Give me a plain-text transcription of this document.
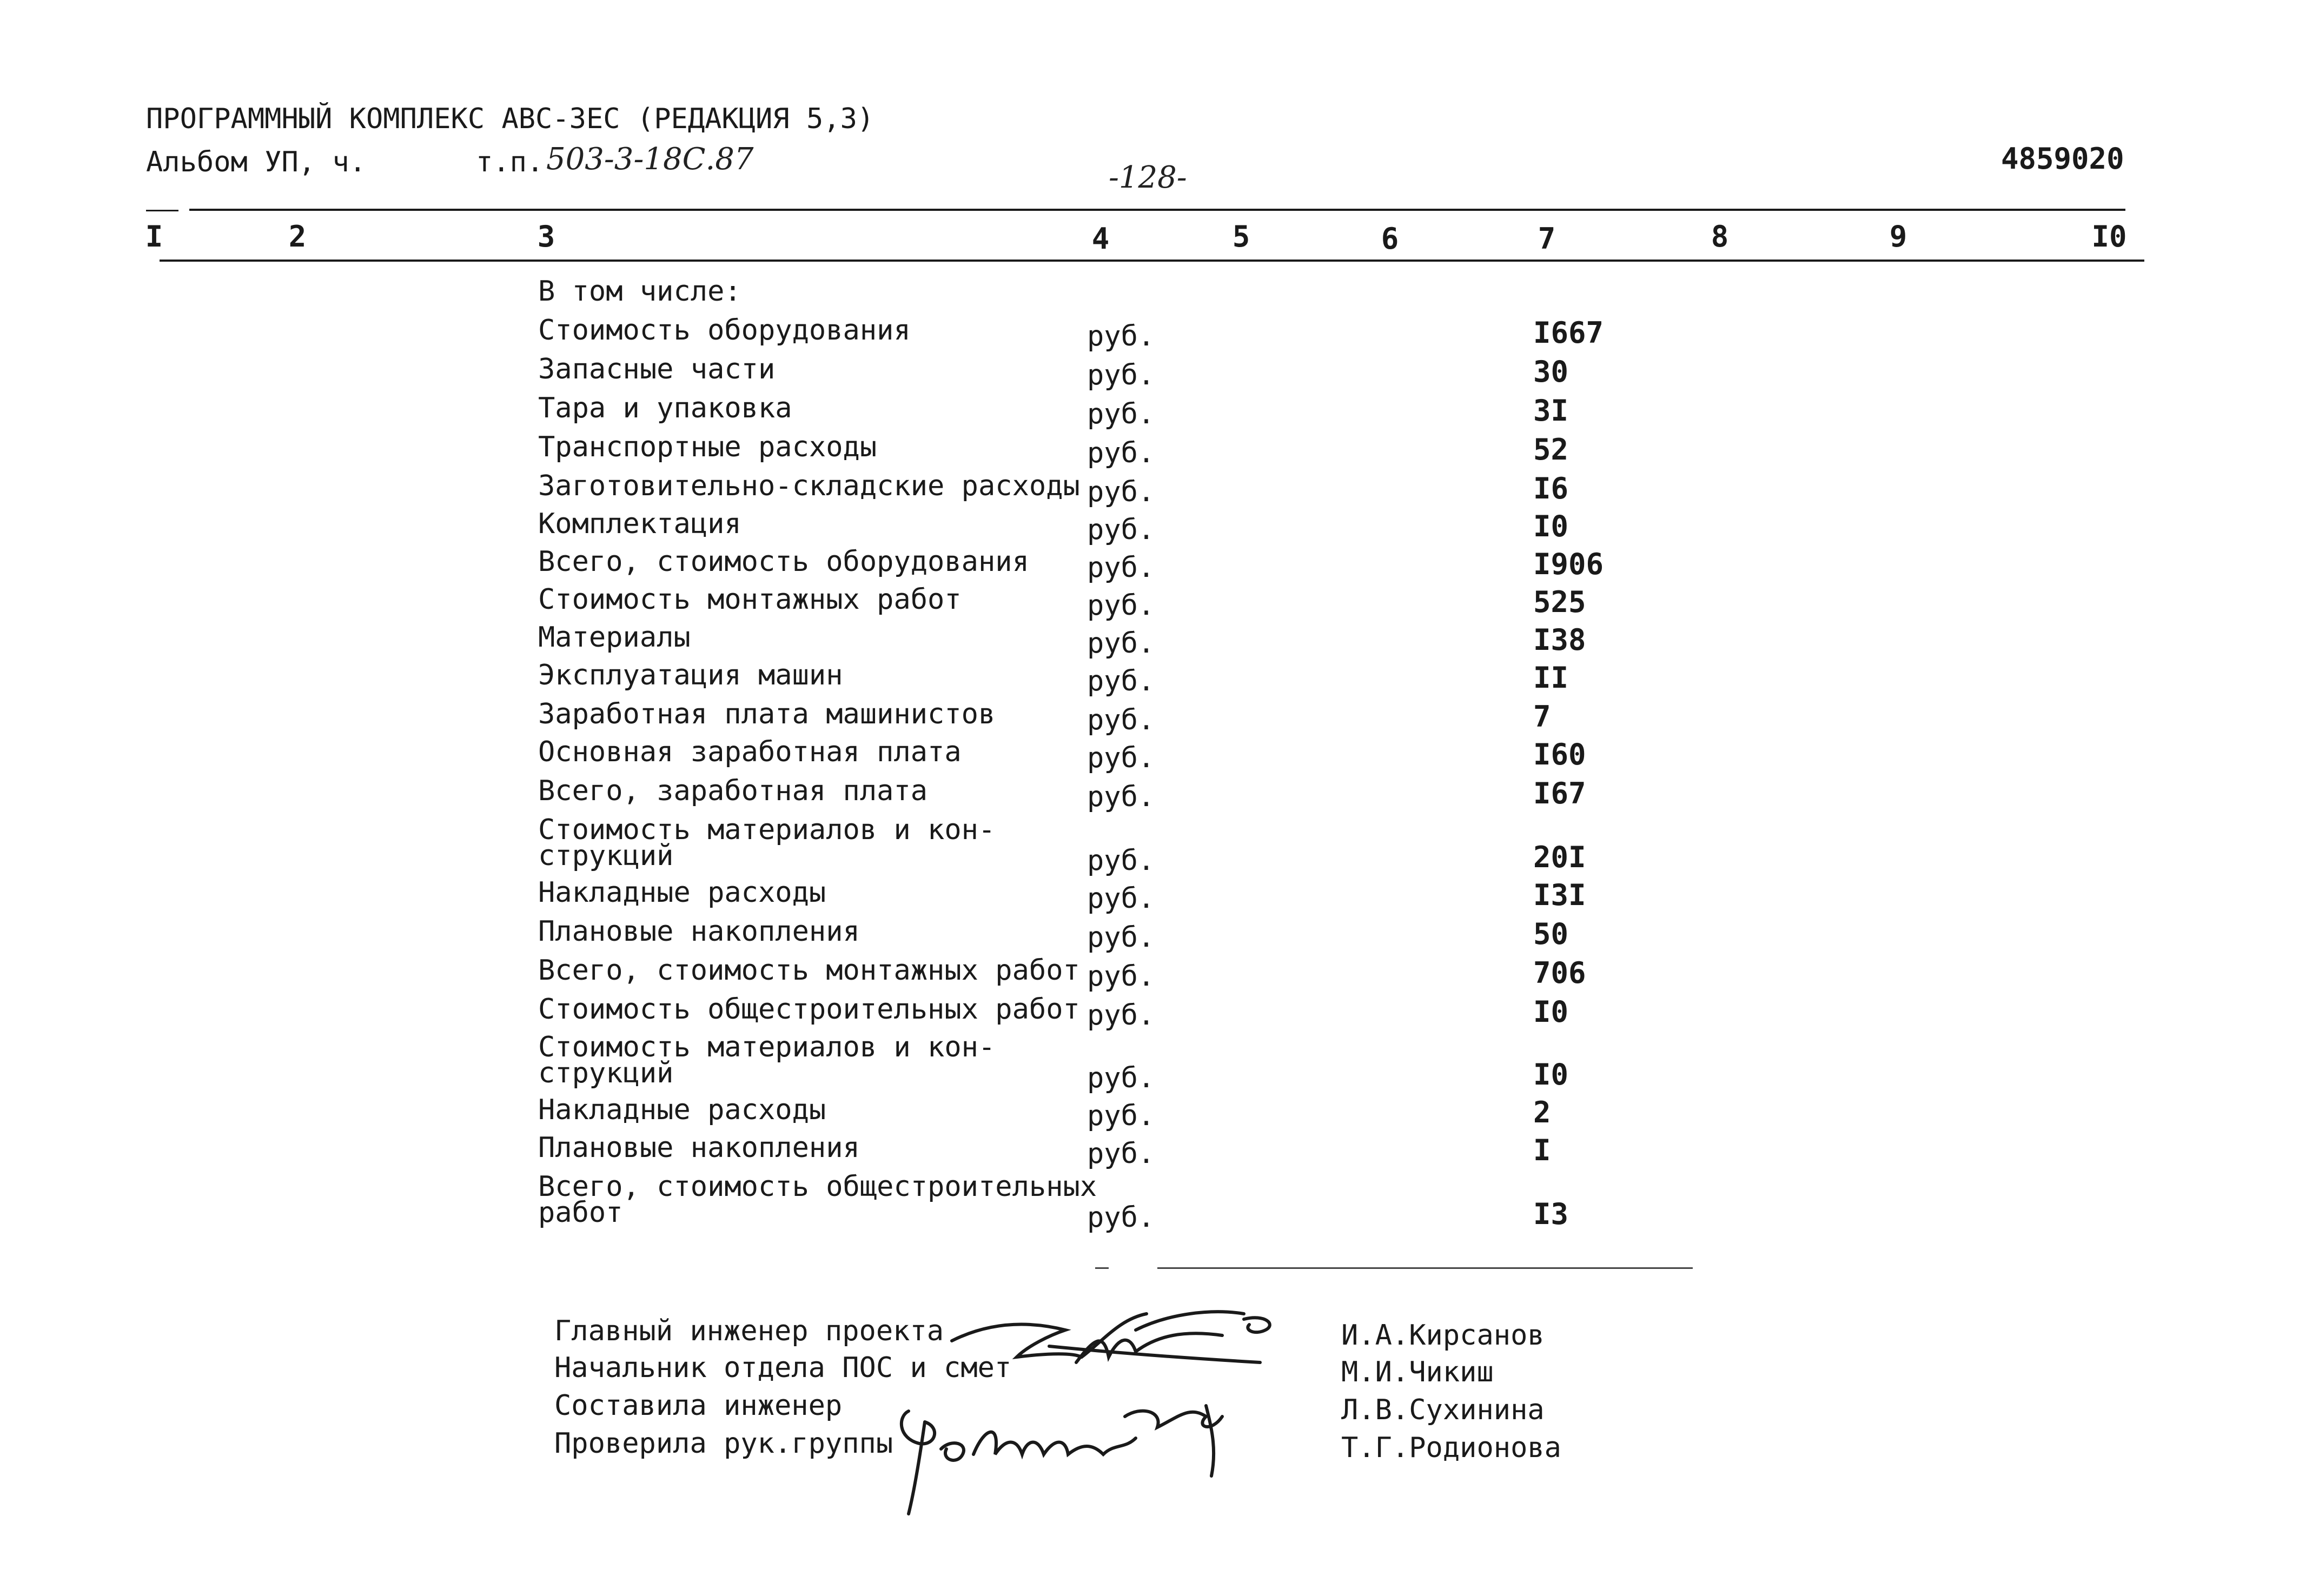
ПРОГРАММНЫЙ КОМПЛЕКС АВС-3ЕС (РЕДАКЦИЯ 5,3)
Альбом УП, ч.	т.п. 503-3-18С.87
-128-
4859020
I	2	3	4	5	6	7	8	9	I0
В том числе:
Стоимость оборудования	руб.	I667
Запасные части	руб.	30
Тара и упаковка	руб.	3I
Транспортные расходы	руб.	52
Заготовительно-складские расходы руб.	I6
Комплектация	руб.	I0
Всего, стоимость оборудования руб.	I906
Стоимость монтажных работ	руб.	525
Материалы	руб.	I38
Эксплуатация машин	руб.	II
Заработная плата машинистов	руб.	7
Основная заработная плата	руб.	I60
Всего, заработная плата	руб.	I67
Стоимость материалов и кон-
струкций	руб.	20I
Накладные расходы	руб.	I3I
Плановые накопления	руб.	50
Всего, стоимость монтажных работ руб.	706
Стоимость общестроительных работ руб.	I0
Стоимость материалов и кон-
струкций	руб.	I0
Накладные расходы	руб.	2
Плановые накопления	руб.	I
Всего, стоимость общестроительных
работ	руб.	I3
Главный инженер проекта
Начальник отдела ПОС и смет
Составила инженер
Проверила рук.группы
И.А.Кирсанов
М.И.Чикиш
Л.В.Сухинина
Т.Г.Родионова
